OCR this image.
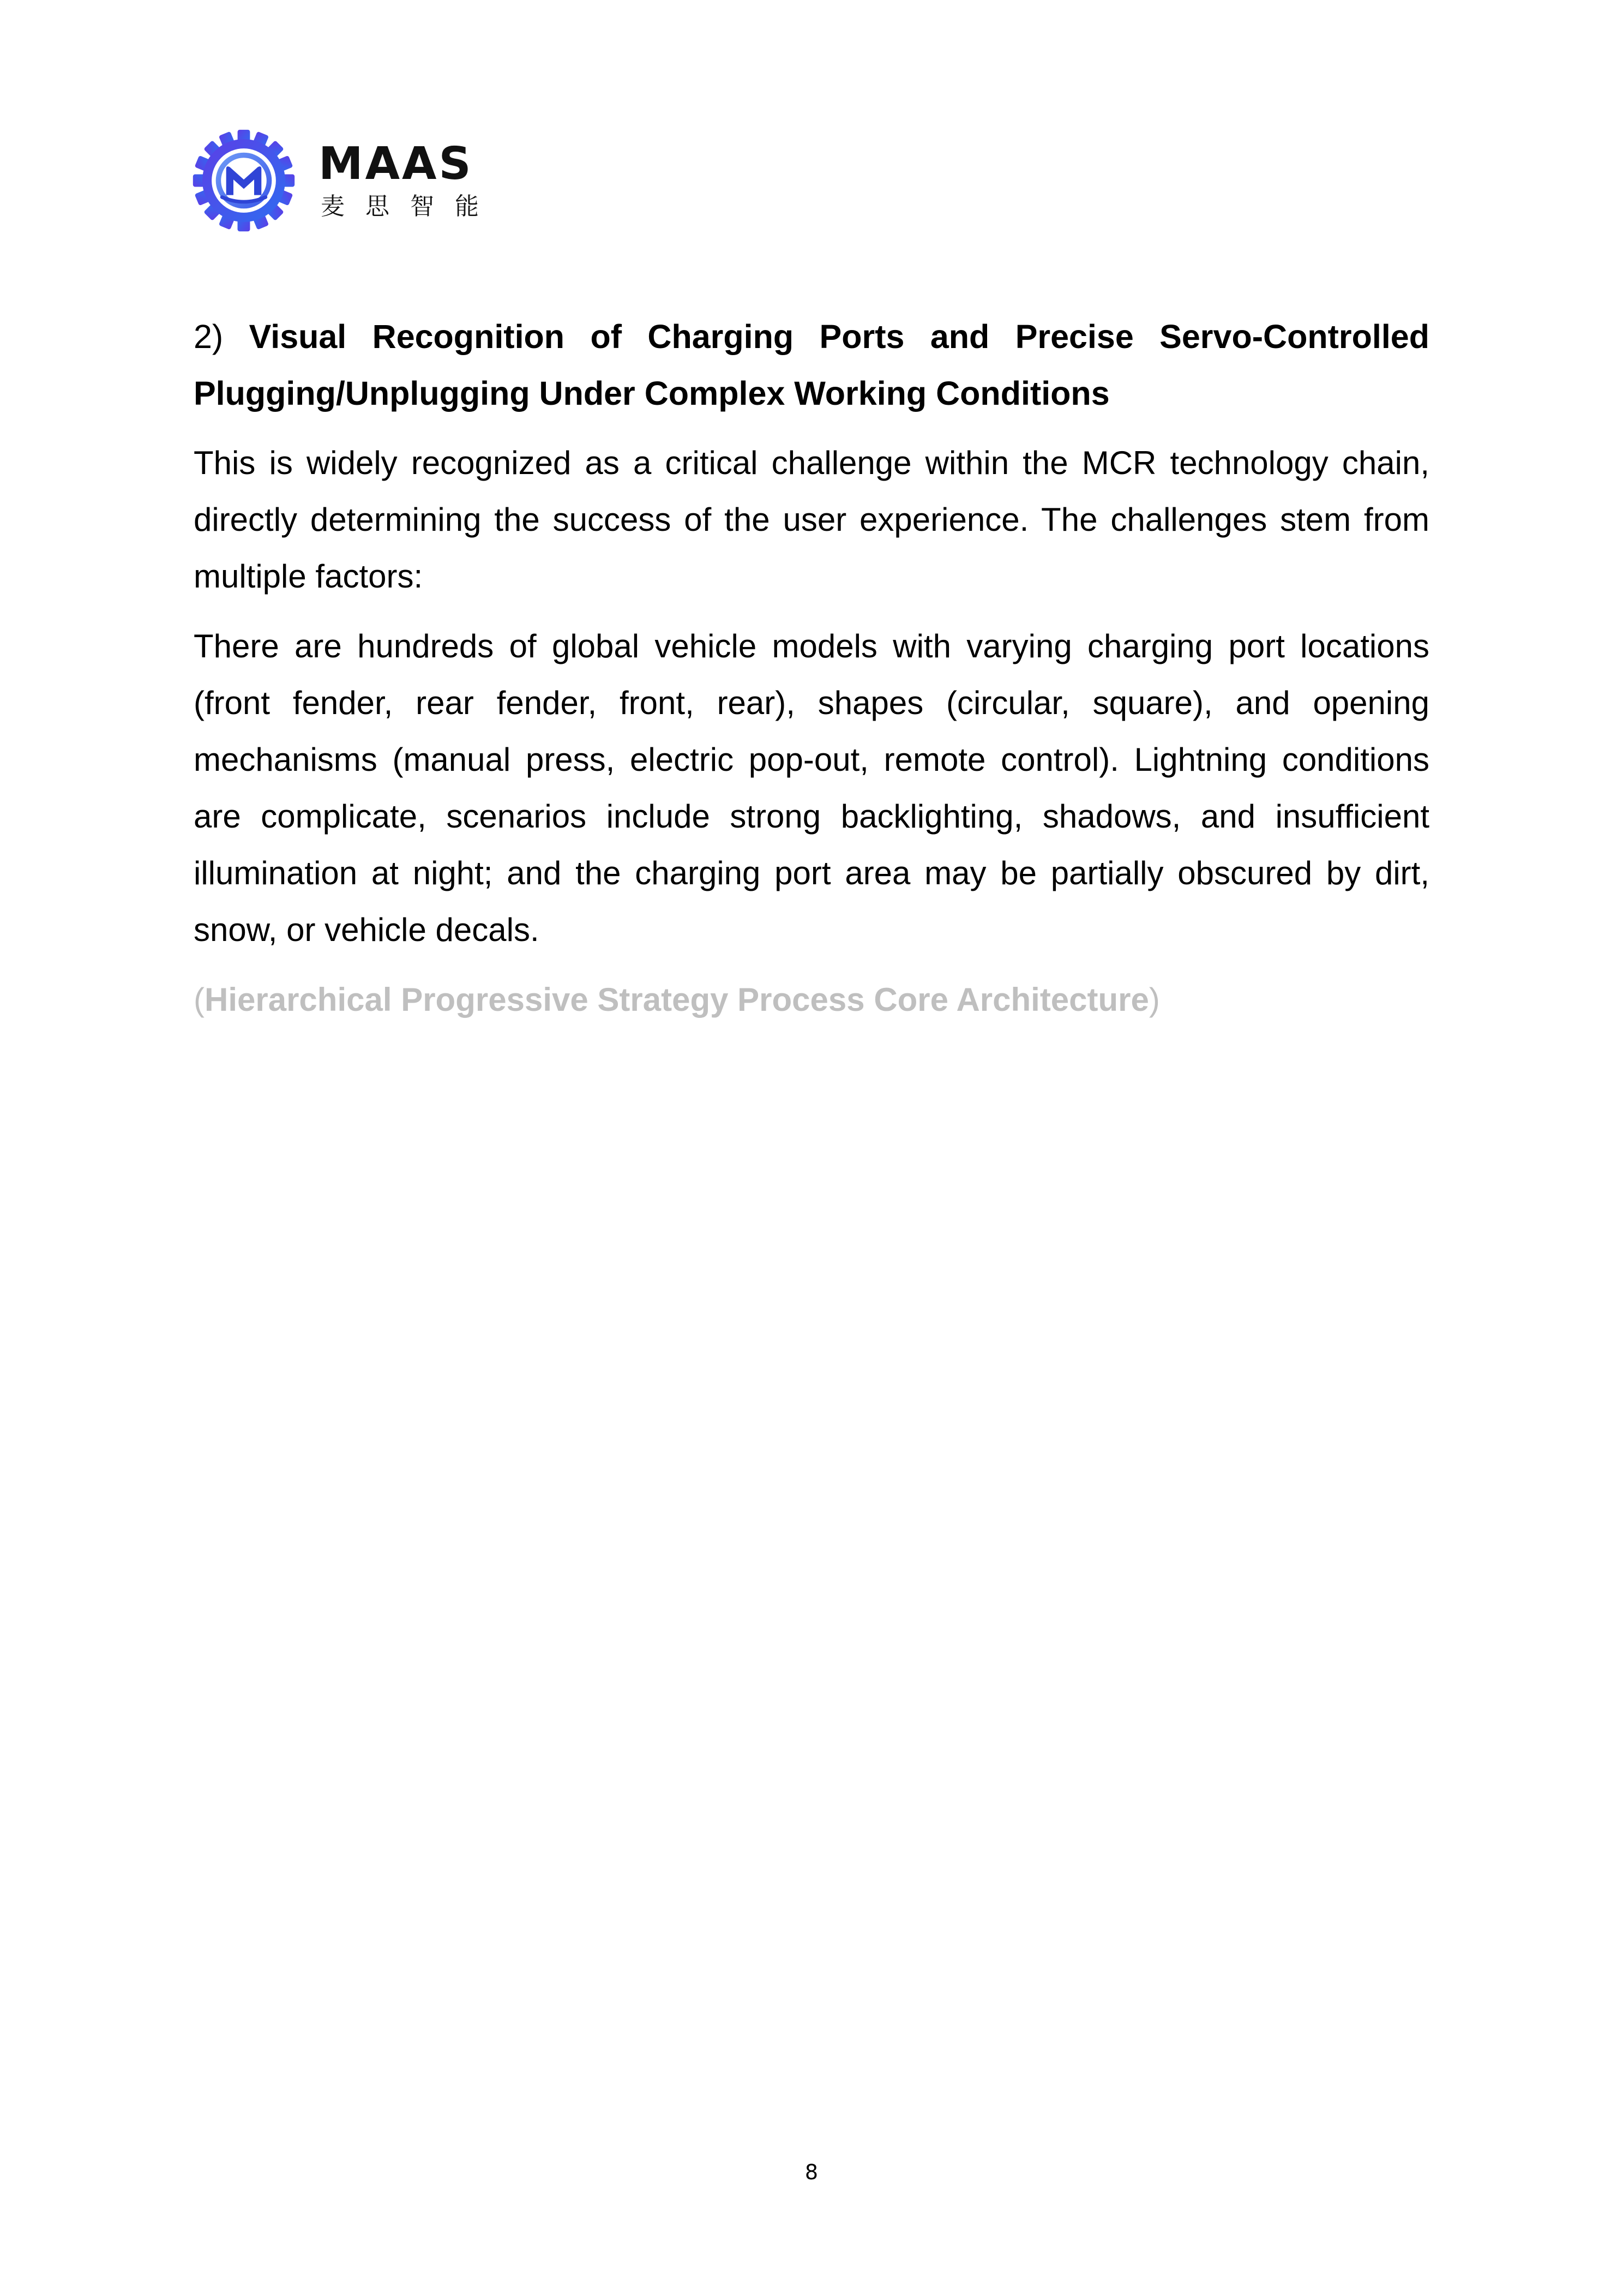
MAAS
麦思智能

2) Visual Recognition of Charging Ports and Precise Servo-Controlled Plugging/Unplugging Under Complex Working Conditions

This is widely recognized as a critical challenge within the MCR technology chain, directly determining the success of the user experience. The challenges stem from multiple factors:

There are hundreds of global vehicle models with varying charging port locations (front fender, rear fender, front, rear), shapes (circular, square), and opening mechanisms (manual press, electric pop-out, remote control). Lightning conditions are complicate, scenarios include strong backlighting, shadows, and insufficient illumination at night; and the charging port area may be partially obscured by dirt, snow, or vehicle decals.

(Hierarchical Progressive Strategy Process Core Architecture)

8
